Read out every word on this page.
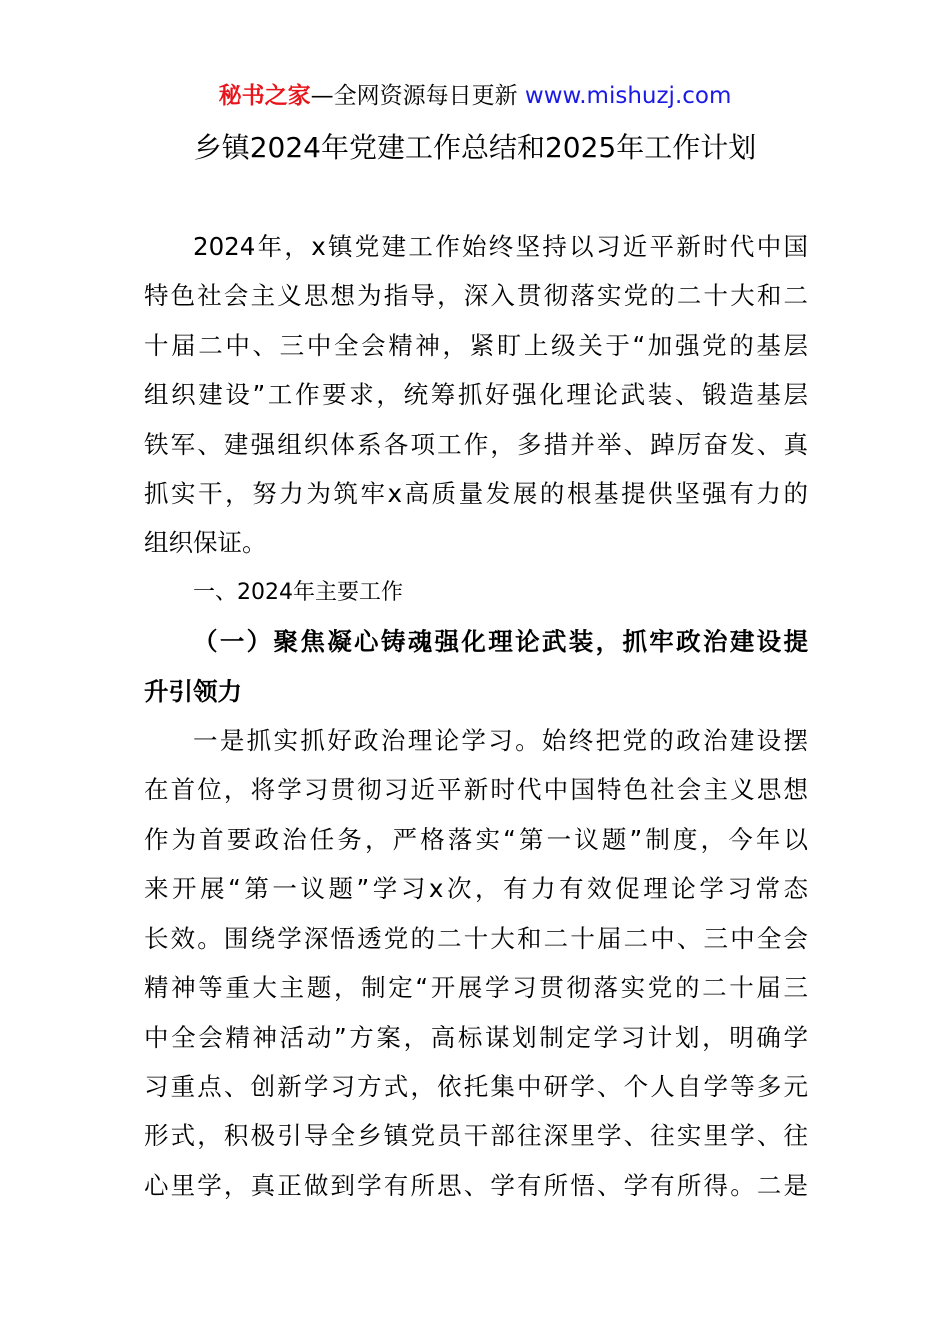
秘书之家—全网资源每日更新 www.mishuzj.com
乡镇2024年党建工作总结和2025年工作计划
2024年，x镇党建工作始终坚持以习近平新时代中国
特色社会主义思想为指导，深入贯彻落实党的二十大和二
十届二中、三中全会精神，紧盯上级关于“加强党的基层
组织建设”工作要求，统筹抓好强化理论武装、锻造基层
铁军、建强组织体系各项工作，多措并举、踔厉奋发、真
抓实干，努力为筑牢x高质量发展的根基提供坚强有力的
组织保证。
一、2024年主要工作
（一）聚焦凝心铸魂强化理论武装，抓牢政治建设提
升引领力
一是抓实抓好政治理论学习。始终把党的政治建设摆
在首位，将学习贯彻习近平新时代中国特色社会主义思想
作为首要政治任务，严格落实“第一议题”制度，今年以
来开展“第一议题”学习x次，有力有效促理论学习常态
长效。围绕学深悟透党的二十大和二十届二中、三中全会
精神等重大主题，制定“开展学习贯彻落实党的二十届三
中全会精神活动”方案，高标谋划制定学习计划，明确学
习重点、创新学习方式，依托集中研学、个人自学等多元
形式，积极引导全乡镇党员干部往深里学、往实里学、往
心里学，真正做到学有所思、学有所悟、学有所得。二是
